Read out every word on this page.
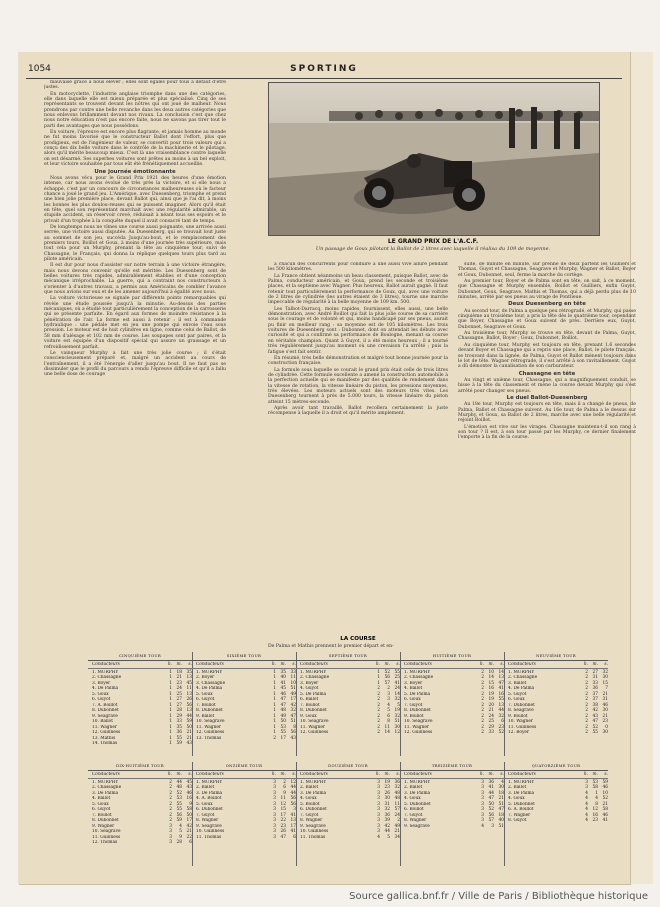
1054	SPORTING

mauvaise grâce à nous élever ; elles sont égales pour tous à défaut d'être justes.

En motocyclette, l'industrie anglaise triomphe dans une des catégories, elle dans laquelle elle est mieux préparée et plus spécialisé. Cinq de ses représentants se trouvent devant les nôtres qui ont joué de malheur. Nous prendrons par contre une belle revanche dans les deux autres catégories que nous enlevons brillamment devant nos rivaux. La conclusion c'est que chez nous notre éducation n'est pas encore faite, nous ne savons pas tirer tout le parti des avantages que nous possédons.

En voiture, l'épreuve est encore plus flagrante, et jamais homme au monde ne fut moins favorisé que le constructeur Ballot dont l'effort, plus que prodigieux, est de l'ingénieur de valeur, se convertit pour trois valeurs qui a conçu des dix belle voiture dans le contrôle de la machinerie et le pilotage, alors qu'il mérite beaucoup mieux. C'est là une vraisemblance contre laquelle on est désarmé. Ses superbes voitures sont prêtes au moins à un bel exploit, et leur victoire souhaitée par tous eût été frénétiquement accueillie.

Une journée émotionnante

Nous avons vécu pour le Grand Prix 1921 des heures d'une émotion intense, car nous avons évolué de très près la victoire, et si elle nous a échappé, c'est par un concours de circonstances malheureuses où le facteur chance a joué le grand jeu. L'Amérique, avec Duesenberg, triomphe et prend une bien jolie première place, devant Ballot qui, ainsi que je l'ai dit, à moins les bonnes les plus doulou-reuses qui se puissent imaginer. Alors qu'il était en tête, quel son représentant marchait avec une régularité admirable, un stupide accident, un réservoir crevé, réduisait à néant tous ses espoirs et le privait d'un trophée à la conquête duquel il avait consacré tant de temps.

De longtemps nous ne vîmes une course aussi poignante, une arrivée aussi serrée, une victoire aussi disputée. Au Duesenberg, qui se trouvait tout juste au sommet de son jeu, succéda Jusqu'au-bout, et le remplacement des premiers tours, Boillot et Goux, à moins d'une journée très supérieure, mais tout cela pour un Murphy, prenant la tête au cinquième tour, suivi de Chassagne, le Français, qui donna la réplique quelques tours plus tard au pilote américain.

Il est dur pour nous d'assister sur notre terrain à une victoire étrangère, mais nous devons convenir qu'elle est méritée. Les Duesenberg sont de belles voitures très rapides, admirablement établies et d'une conception mécanique irréprochable. La guerre, qui a contraint nos constructeurs à s'orienter à d'autres travaux, a permis aux Américains de combler l'avance que nous avions sur eux et de les amener aujourd'hui à égalité avec nous.

La voiture victorieuse se signale par différents points remarquables qui révèle une étude poussée jusqu'à la minutie. Au-dessus des parties mécaniques, où a étudié tout particulièrement la conception de la carrosserie qui se présente parfaite. En égard aux formes de moindre résistance à la pénétration de l'air. La forme est aussi à retenir : il est à commande hydraulique : une pédale met en jeu une pompe qui envoie l'eau sous pression. Le moteur est de huit cylindres en ligne, comme celui de Ballot, de 58 mm d'alésage et 102 mm de course. Les soupapes sont par paires, et la voiture est équipée d'un dispositif spécial qui assure un graissage et un refroidissement parfait.

Le vainqueur Murphy a fait une très jolie course ; il s'était consciencieusement préparé et, malgré un accident au cours de l'entraînement, il a été l'énergie d'aller jusqu'au bout. Il ne faut pas se dissimuler que le profil du parcours a rendu l'épreuve difficile et qu'il a fallu une belle dose de courage

LE GRAND PRIX DE L'A.C.F.
Un passage de Goux pilotant la Ballot de 2 litres avec laquelle il réalisa du 109 de moyenne.

à chacun des concurrents pour conduire à une aussi vive allure pendant les 500 kilomètres.

La France obtient néanmoins un beau classement, puisque Ballot, avec de Palma, conducteur américain, et Goux, prend les seconde et troisième places, et la septième avec Wagner. Plus heureux, Ballot aurait gagné. Il faut retenir tout particulièrement la performance de Goux, qui, avec une voiture de 2 litres de cylindrée (les autres étaient de 3 litres), tourne une marche impeccable de régularité à la belle moyenne de 109 km. 500.

Les Talbot-Darracq, moins rapides, fournissent, elles aussi, une belle démonstration, avec André Boillot qui fait la plus jolie course de sa carrière sous le courage et de volonté et qui, moins handicapé par ses pneus, aurait pu finir en meilleur rang : sa moyenne est de 105 kilomètres. Les trois voitures de Duesenberg sont : Dubonnet, dont on attendait les débuts avec curiosité et qui a confirmé sa performance de Boulogne, menant sa course en véritable champion. Quant à Guyot, il a été moins heureux ; il a tourné très régulièrement jusqu'au moment où une crevaison l'a arrêté ; puis la fatigue s'est fait sentir.

En résumé, très belle démonstration et malgré tout bonne journée pour la construction française.

La formule sous laquelle se courait le grand prix était celle de trois litres de cylindrée. Cette formule excellente a amené la construction automobile à la perfection actuelle qui se manifeste par des qualités de rendement dans la vitesse de rotation, la vitesse linéaire du piston, les pressions moyennes, très élevées. Les moteurs actuels sont des moteurs très vites. Les Duesenberg tournent à près de 5.000 tours, la vitesse linéaire du piston atteint 15 mètres-seconde.

Après avoir tant travaillé, Ballot recollera certainement la juste récompense à laquelle il a droit et qu'il mérite amplement.

suite, de minute en minute, sur prenne de deux partent les Guilliers et Thomas, Guyot et Chassagne, Seagrave et Murphy, Wagner et Ballot, Boyer et Goux, Dubonnet, seul, ferme la marche du cortège.

Au premier tour, Boyer et de Palma sont en tête, on sait, à ce moment, que Chassagne et Murphy ensemble, Boillot et Guilliers, enfin Guyot, Dubonnet, Goux, Seagrave, Mathis et Thomas, qui a déjà perdu plus de 10 minutes, arrêté par ses pneus au virage de Pontlieue.

Deux Duesenberg en tête

Au second tour, de Palma a quelque peu rétrogradé, et Murphy, qui passe cinquième au troisième tour, a pris la tête dès le quatrième tour, cependant que Boyer, Chassagne et Goux suivent de près. Derrière eux, Guyot, Dubonnet, Seagrave et Goux.

Au troisième tour, Murphy se trouve en tête, devant de Palma, Guyot, Chassagne, Ballot, Boyer ; Goux, Dubonnet, Boillot.

Au cinquième tour, Murphy est toujours en tête, prenant 1.6 secondes devant Boyer et Chassagne qui a repris une place, Ballot, le pilote français, se trouvant dans la lignée, de Palma, Guyot et Ballot mènent toujours dans le lot de tête. Wagner rétrograde, il s'est arrêté à son ravitaillement. Guyot a dû démonter la canalisation de son carburateur.

Chassagne en tête

Au vingt et unième tour, Chassagne, qui a magnifiquement conduit, se hisse à la tête du classement et mène la course devant Murphy qui s'est arrêté pour changer ses pneus.

Le duel Ballot-Duesenberg

Au 18e tour, Murphy est toujours en tête, mais il a changé de pneus, de Palma, Ballot et Chassagne suivent. Au 16e tour, de Palma a le dessus sur Murphy, et Goux, sa Ballot de 2 litres, marche avec une belle régularité et rejoint Boillot.

L'émotion est vive sur les virages. Chassagne maintenu-t-il son rang à son tour ? Il est, à son tour passé par les Murphy, ce dernier finalement l'emporte à la fin de la course.

LA COURSE
CINQUIÈME TOUR
Conducteurs	h.	m.	s.
1. MURPHY	1	18	35
2. Chassagne	1	21	13
3. Boyer	1	23	45
4. De Palma	1	24	11
5. Goux	1	25	13
6. Guyot	1	27	26
7. A. Boillot	1	27	56
8. Dubonnet	1	28	13
9. Seagrave	1	29	44
10. Ballot	1	33	59
11. Wagner	1	35	50
12. Guinness	1	36	21
13. Mathis	1	55	21
14. Thomas	1	59	43
SIXIÈME TOUR
Conducteurs	h.	m.	s.
1. MURPHY	1	35	33
2. Boyer	1	40	11
3. Chassagne	1	41	10
4. De Palma	1	45	51
5. Goux	1	46	49
6. Guyot	1	47	17
7. Boillot	1	47	42
8. Dubonnet	1	48	32
9. Ballot	1	49	47
10. Seagrave	1	50	51
11. Wagner	1	53	8
12. Guinness	1	55	56
13. Thomas	2	17	43
SEPTIÈME TOUR
Conducteurs	h.	m.	s.
1. MURPHY	1	52	55
2. Chassagne	1	56	25
3. Boyer	1	57	41
4. Guyot	2	2	24
5. De Palma	2	3	14
6. Ballot	2	3	32
7. Boillot	2	4	5
8. Dubonnet	2	5	19
9. Goux	2	6	32
10. Seagrave	2	8	51
11. Wagner	2	11	30
12. Guinness	2	14	12
HUITIÈME TOUR
Conducteurs	h.	m.	s.
1. MURPHY	2	10	14
2. Chassagne	2	14	13
3. Boyer	2	15	47
4. Ballot	2	16	41
5. De Palma	2	19	16
6. Goux	2	19	55
7. Guyot	2	20	13
8. Dubonnet	2	21	44
9. Boillot	2	24	32
10. Seagrave	2	25	6
11. Wagner	2	29	23
12. Guinness	2	33	52
NEUVIÈME TOUR
Conducteurs	h.	m.	s.
1. MURPHY	2	27	32
2. Chassagne	2	31	30
3. Ballot	2	33	15
4. De Palma	2	36	7
5. Guyot	2	37	21
6. Goux	2	37	31
7. Dubonnet	2	38	46
8. Seagrave	2	42	30
9. Boillot	2	43	21
10. Wagner	2	47	23
11. Guinness	2	52	0
12. Boyer	2	55	30
DIX-HUITIÈME TOUR
Conducteurs	h.	m.	s.
1. MURPHY	2	44	45
2. Chassagne	2	48	43
3. De Palma	2	52	46
4. Ballot	2	53	16
5. Goux	2	55	9
6. Guyot	2	55	58
7. Boillot	2	56	50
8. Dubonnet	2	59	17
9. Wagner	3	4	42
10. Seagrave	3	5	21
11. Guinness	3	9	22
12. Thomas	3	28	6
ONZIÈME TOUR
Conducteurs	h.	m.	s.
1. MURPHY	3	2	12
2. Ballot	3	6	44
3. De Palma	3	9	44
4. A. Boillot	3	11	56
5. Goux	3	12	56
6. Dubonnet	3	15	3
7. Guyot	3	17	41
8. Wagner	3	22	13
9. Seagrave	3	23	17
10. Guinness	3	26	41
11. Thomas	3	47	6
DOUZIÈME TOUR
Conducteurs	h.	m.	s.
1. MURPHY	3	19	36
2. Ballot	3	23	32
3. De Palma	3	26	48
4. Goux	3	30	48
5. Boillot	3	31	11
6. Dubonnet	3	32	57
7. Guyot	3	36	24
8. Wagner	3	39	2
9. Seagrave	3	42	49
10. Guinness	3	44	21
11. Thomas	4	5	34
TREIZIÈME TOUR
Conducteurs	h.	m.	s.
1. MURPHY	3	36	4
2. Ballot	3	41	30
3. De Palma	3	44	18
4. Goux	3	47	21
5. Dubonnet	3	50	51
6. Boillot	3	52	47
7. Guyot	3	56	18
8. Wagner	3	57	40
9. Seagrave	4	3	51
QUATORZIÈME TOUR
Conducteurs	h.	m.	s.
1. MURPHY	3	53	59
2. Ballot	3	58	46
3. De Palma	4	1	10
4. Goux	4	4	52
5. Dubonnet	4	8	21
6. A. Boillot	4	12	58
7. Wagner	4	16	46
8. Guyot	4	23	41
Source gallica.bnf.fr / Ville de Paris / Bibliothèque historique

De Palma et Mathis prennent le premier départ et en-
